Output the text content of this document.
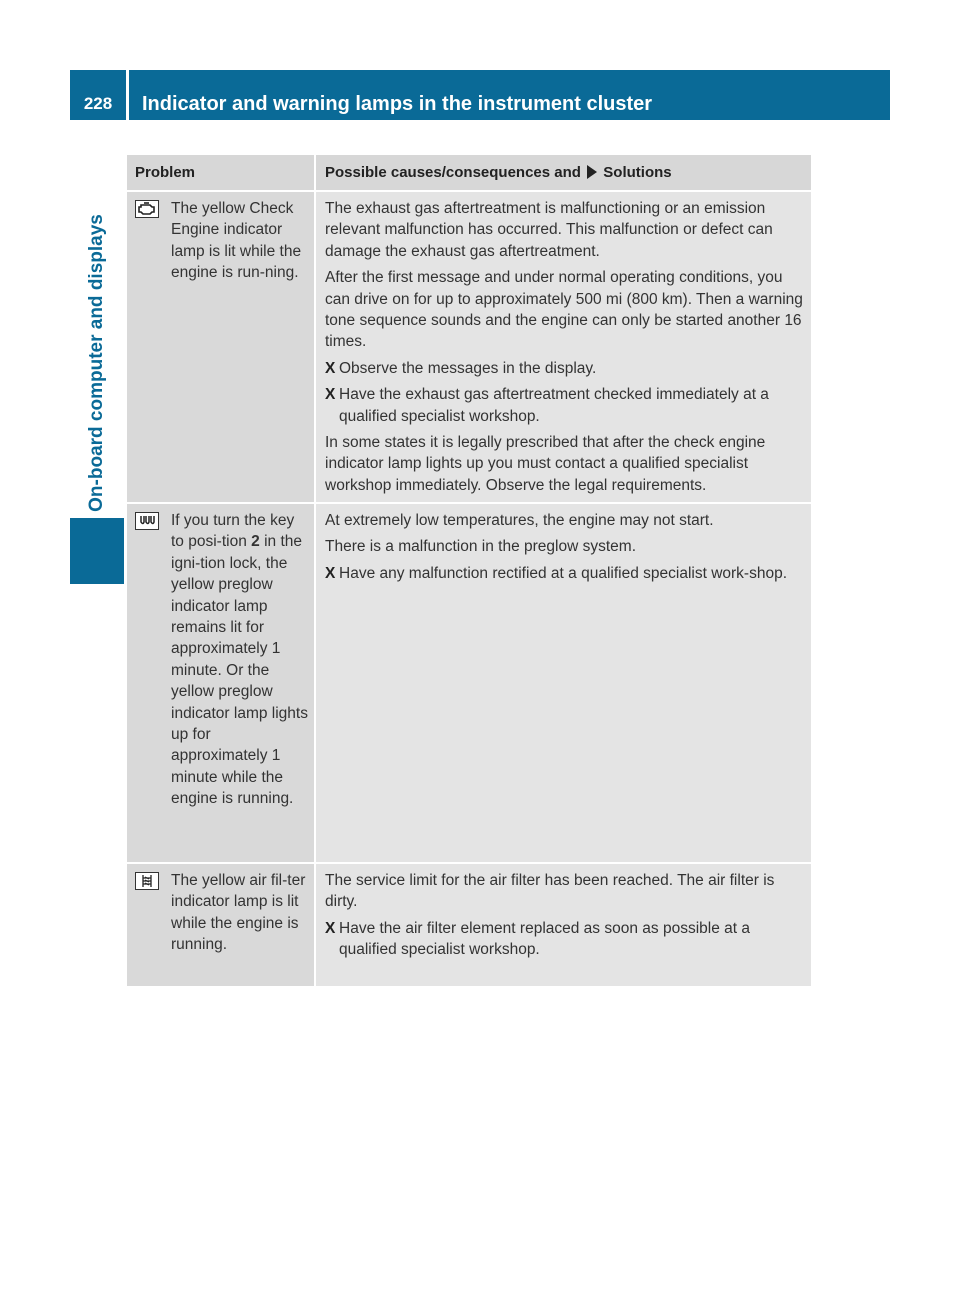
228	Indicator and warning lamps in the instrument cluster
On-board computer and displays
Problem	Possible causes/consequences and Solutions
The yellow Check Engine indicator lamp is lit while the engine is run-ning.

The exhaust gas aftertreatment is malfunctioning or an emission relevant malfunction has occurred. This malfunction or defect can damage the exhaust gas aftertreatment.

After the first message and under normal operating conditions, you can drive on for up to approximately 500 mi (800 km). Then a warning tone sequence sounds and the engine can only be started another 16 times.

X Observe the messages in the display.
X Have the exhaust gas aftertreatment checked immediately at a qualified specialist workshop.

In some states it is legally prescribed that after the check engine indicator lamp lights up you must contact a qualified specialist workshop immediately. Observe the legal requirements.

If you turn the key to posi-tion 2 in the igni-tion lock, the yellow preglow indicator lamp remains lit for approximately 1 minute. Or the yellow preglow indicator lamp lights up for approximately 1 minute while the engine is running.

At extremely low temperatures, the engine may not start.

There is a malfunction in the preglow system.

X Have any malfunction rectified at a qualified specialist work-shop.
The yellow air fil-ter indicator lamp is lit while the engine is running.

The service limit for the air filter has been reached. The air filter is dirty.

X Have the air filter element replaced as soon as possible at a qualified specialist workshop.
